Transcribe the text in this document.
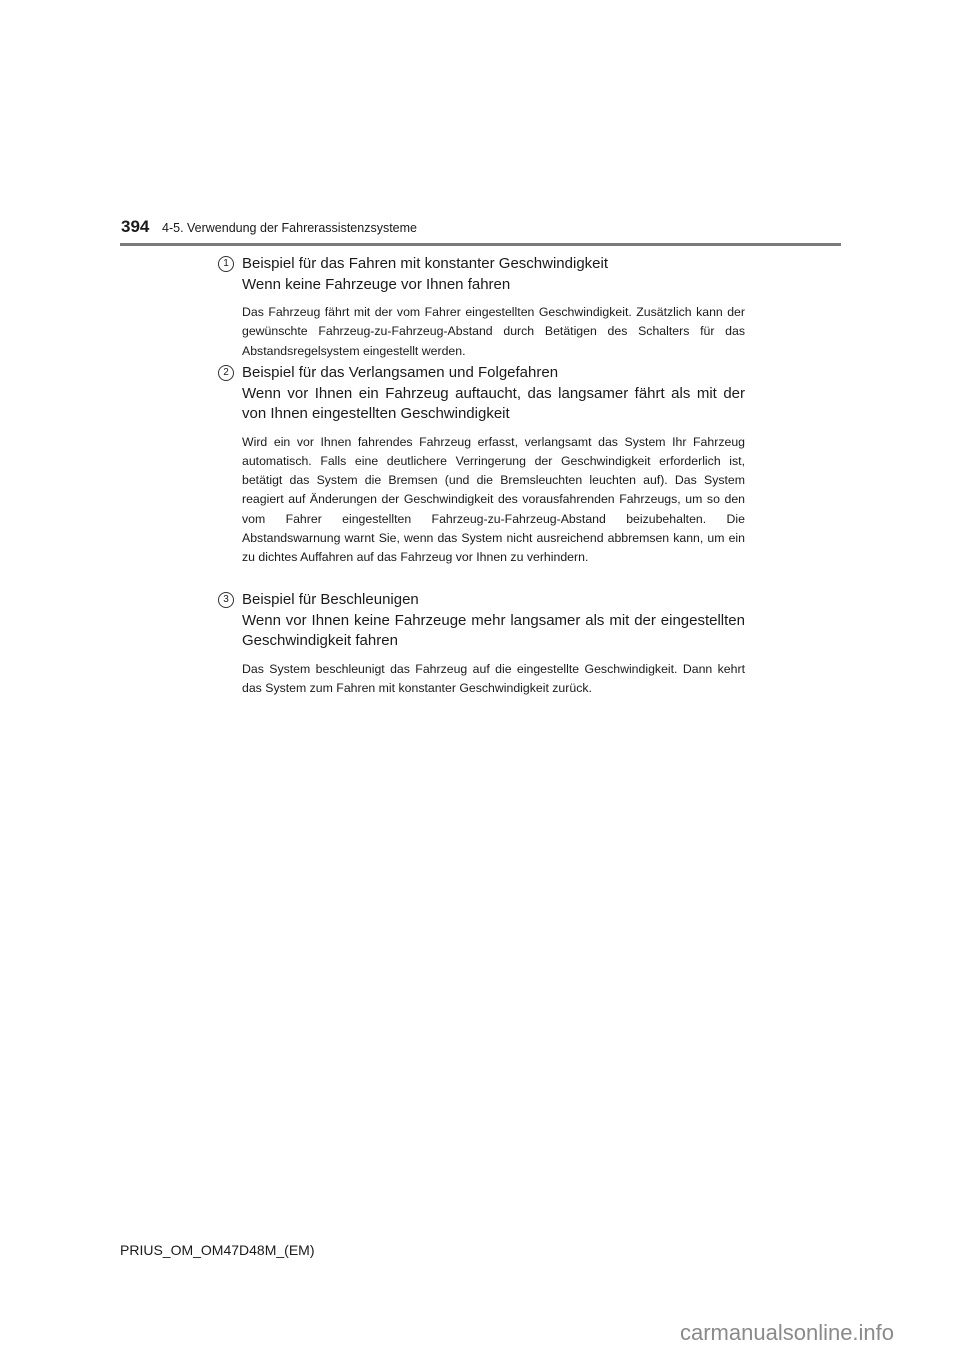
394 4-5. Verwendung der Fahrerassistenzsysteme
1 Beispiel für das Fahren mit konstanter Geschwindigkeit
Wenn keine Fahrzeuge vor Ihnen fahren
Das Fahrzeug fährt mit der vom Fahrer eingestellten Geschwindigkeit. Zusätzlich kann der gewünschte Fahrzeug-zu-Fahrzeug-Abstand durch Betätigen des Schalters für das Abstandsregelsystem eingestellt werden.
2 Beispiel für das Verlangsamen und Folgefahren
Wenn vor Ihnen ein Fahrzeug auftaucht, das langsamer fährt als mit der von Ihnen eingestellten Geschwindigkeit
Wird ein vor Ihnen fahrendes Fahrzeug erfasst, verlangsamt das System Ihr Fahrzeug automatisch. Falls eine deutlichere Verringerung der Geschwindigkeit erforderlich ist, betätigt das System die Bremsen (und die Bremsleuchten leuchten auf). Das System reagiert auf Änderungen der Geschwindigkeit des vorausfahrenden Fahrzeugs, um so den vom Fahrer eingestellten Fahrzeug-zu-Fahrzeug-Abstand beizubehalten. Die Abstandswarnung warnt Sie, wenn das System nicht ausreichend abbremsen kann, um ein zu dichtes Auffahren auf das Fahrzeug vor Ihnen zu verhindern.
3 Beispiel für Beschleunigen
Wenn vor Ihnen keine Fahrzeuge mehr langsamer als mit der eingestellten Geschwindigkeit fahren
Das System beschleunigt das Fahrzeug auf die eingestellte Geschwindigkeit. Dann kehrt das System zum Fahren mit konstanter Geschwindigkeit zurück.
PRIUS_OM_OM47D48M_(EM)
carmanualsonline.info
